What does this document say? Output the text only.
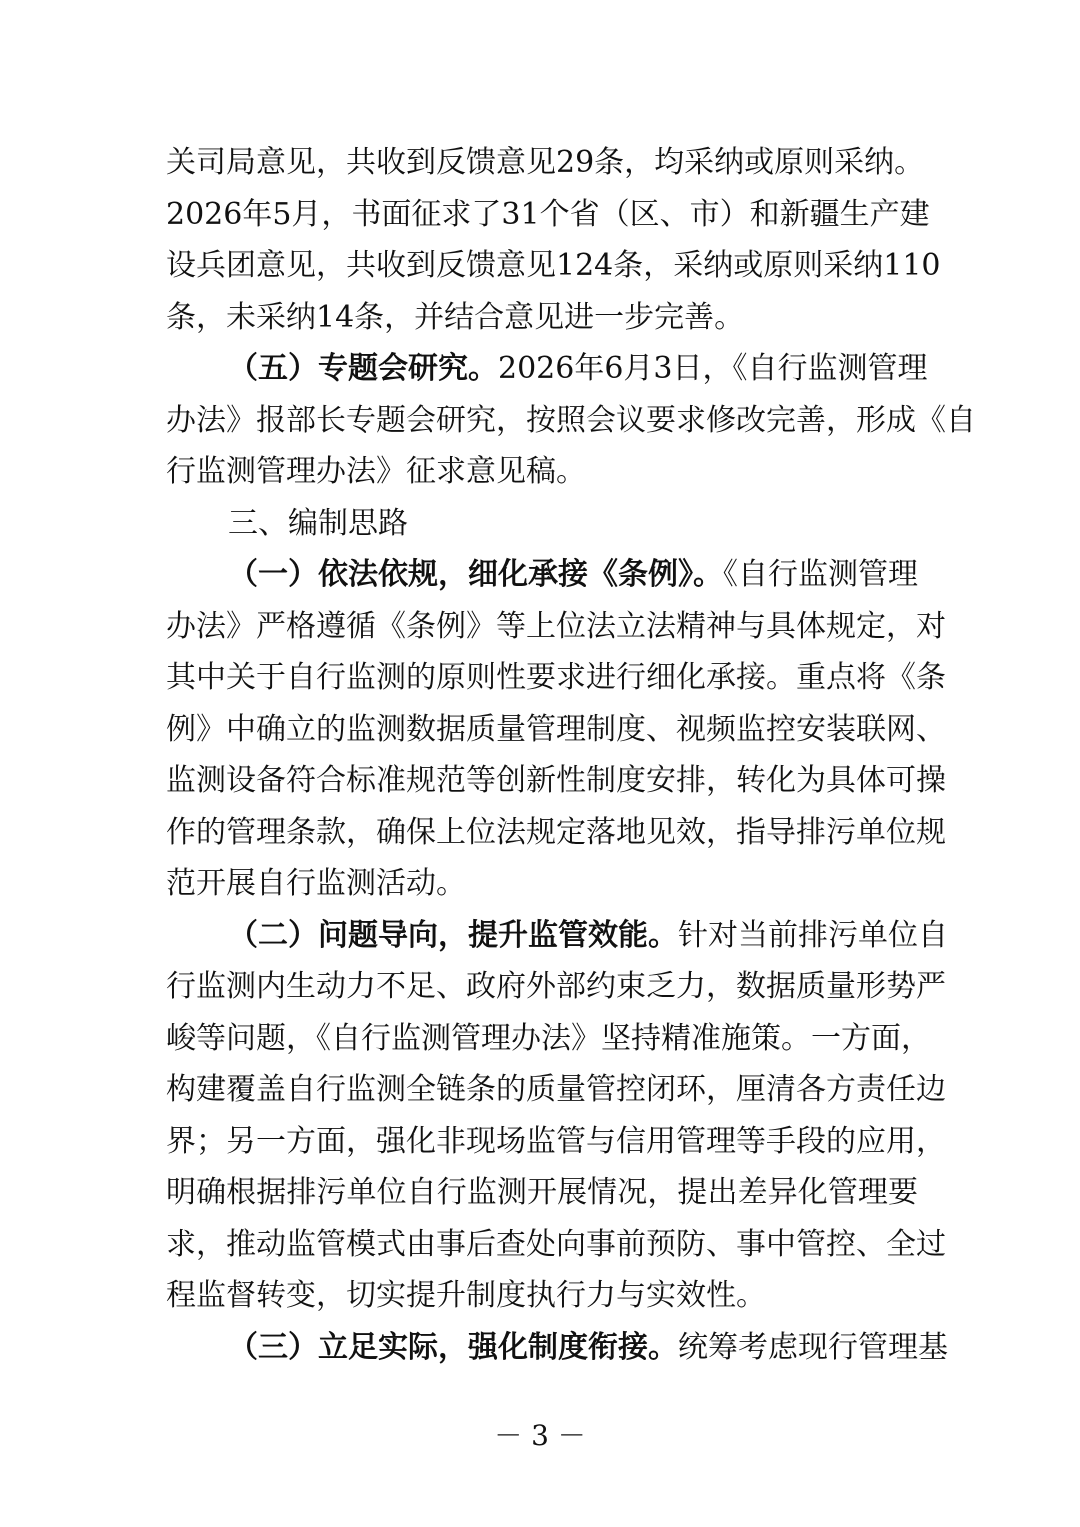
关司局意见，共收到反馈意见29条，均采纳或原则采纳。
2026年5月，书面征求了31个省（区、市）和新疆生产建
设兵团意见，共收到反馈意见124条，采纳或原则采纳110
条，未采纳14条，并结合意见进一步完善。
（五）专题会研究。2026年6月3日，《自行监测管理
办法》报部长专题会研究，按照会议要求修改完善，形成《自
行监测管理办法》征求意见稿。
三、编制思路
（一）依法依规，细化承接《条例》。《自行监测管理
办法》严格遵循《条例》等上位法立法精神与具体规定，对
其中关于自行监测的原则性要求进行细化承接。重点将《条
例》中确立的监测数据质量管理制度、视频监控安装联网、
监测设备符合标准规范等创新性制度安排，转化为具体可操
作的管理条款，确保上位法规定落地见效，指导排污单位规
范开展自行监测活动。
（二）问题导向，提升监管效能。针对当前排污单位自
行监测内生动力不足、政府外部约束乏力，数据质量形势严
峻等问题，《自行监测管理办法》坚持精准施策。一方面，
构建覆盖自行监测全链条的质量管控闭环，厘清各方责任边
界；另一方面，强化非现场监管与信用管理等手段的应用，
明确根据排污单位自行监测开展情况，提出差异化管理要
求，推动监管模式由事后查处向事前预防、事中管控、全过
程监督转变，切实提升制度执行力与实效性。
（三）立足实际，强化制度衔接。统筹考虑现行管理基
－ 3 －
